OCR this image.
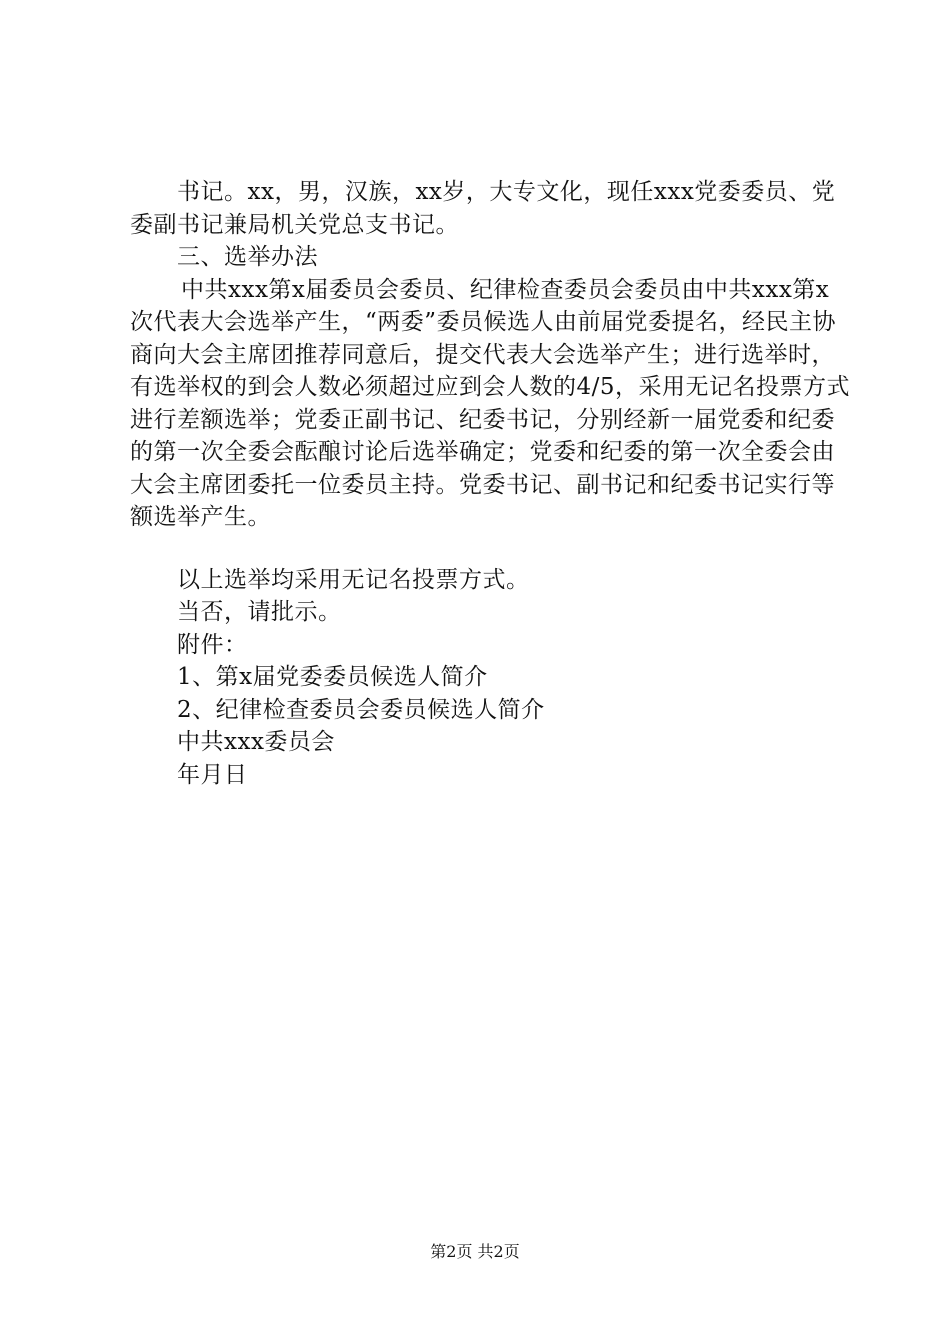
书记。xx，男，汉族，xx岁，大专文化，现任xxx党委委员、党委副书记兼局机关党总支书记。

三、选举办法

中共xxx第x届委员会委员、纪律检查委员会委员由中共xxx第x次代表大会选举产生，“两委”委员候选人由前届党委提名，经民主协商向大会主席团推荐同意后，提交代表大会选举产生；进行选举时，有选举权的到会人数必须超过应到会人数的4/5，采用无记名投票方式进行差额选举；党委正副书记、纪委书记，分别经新一届党委和纪委的第一次全委会酝酿讨论后选举确定；党委和纪委的第一次全委会由大会主席团委托一位委员主持。党委书记、副书记和纪委书记实行等额选举产生。

以上选举均采用无记名投票方式。

当否，请批示。

附件：

1、第x届党委委员候选人简介

2、纪律检查委员会委员候选人简介

中共xxx委员会

年月日

第2页 共2页
